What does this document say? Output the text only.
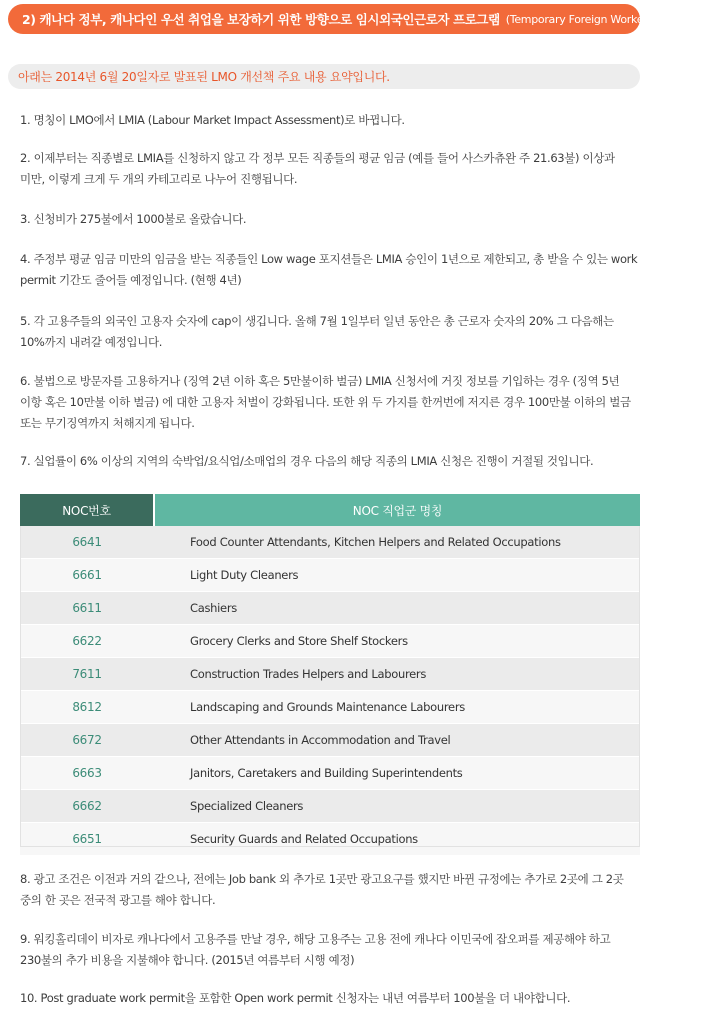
2) 캐나다 정부, 캐나다인 우선 취업을 보장하기 위한 방향으로 임시외국인근로자 프로그램 (Temporary Foreign Worker Program) 정비
아래는 2014년 6월 20일자로 발표된 LMO 개선책 주요 내용 요약입니다.
1. 명칭이 LMO에서 LMIA (Labour Market Impact Assessment)로 바뀝니다.
2. 이제부터는 직종별로 LMIA를 신청하지 않고 각 정부 모든 직종들의 평균 임금 (예를 들어 사스카츄완 주 21.63불) 이상과 미만, 이렇게 크게 두 개의 카테고리로 나누어 진행됩니다.
3. 신청비가 275불에서 1000불로 올랐습니다.
4. 주정부 평균 임금 미만의 임금을 받는 직종들인 Low wage 포지션들은 LMIA 승인이 1년으로 제한되고, 총 받을 수 있는 work permit 기간도 줄어들 예정입니다. (현행 4년)
5. 각 고용주들의 외국인 고용자 숫자에 cap이 생깁니다. 올해 7월 1일부터 일년 동안은 총 근로자 숫자의 20% 그 다음해는 10%까지 내려갈 예정입니다.
6. 불법으로 방문자를 고용하거나 (징역 2년 이하 혹은 5만불이하 벌금) LMIA 신청서에 거짓 정보를 기입하는 경우 (징역 5년 이항 혹은 10만불 이하 벌금) 에 대한 고용자 처벌이 강화됩니다. 또한 위 두 가지를 한꺼번에 저지른 경우 100만불 이하의 벌금 또는 무기징역까지 처해지게 됩니다.
7. 실업률이 6% 이상의 지역의 숙박업/요식업/소매업의 경우 다음의 해당 직종의 LMIA 신청은 진행이 거절될 것입니다.
NOC번호	NOC 직업군 명칭
6641	Food Counter Attendants, Kitchen Helpers and Related Occupations
6661	Light Duty Cleaners
6611	Cashiers
6622	Grocery Clerks and Store Shelf Stockers
7611	Construction Trades Helpers and Labourers
8612	Landscaping and Grounds Maintenance Labourers
6672	Other Attendants in Accommodation and Travel
6663	Janitors, Caretakers and Building Superintendents
6662	Specialized Cleaners
6651	Security Guards and Related Occupations
8. 광고 조건은 이전과 거의 같으나, 전에는 Job bank 외 추가로 1곳만 광고요구를 했지만 바뀐 규정에는 추가로 2곳에 그 2곳 중의 한 곳은 전국적 광고를 해야 합니다.
9. 워킹홀리데이 비자로 캐나다에서 고용주를 만날 경우, 해당 고용주는 고용 전에 캐나다 이민국에 잡오퍼를 제공해야 하고 230불의 추가 비용을 지불해야 합니다. (2015년 여름부터 시행 예정)
10. Post graduate work permit을 포함한 Open work permit 신청자는 내년 여름부터 100불을 더 내야합니다.
